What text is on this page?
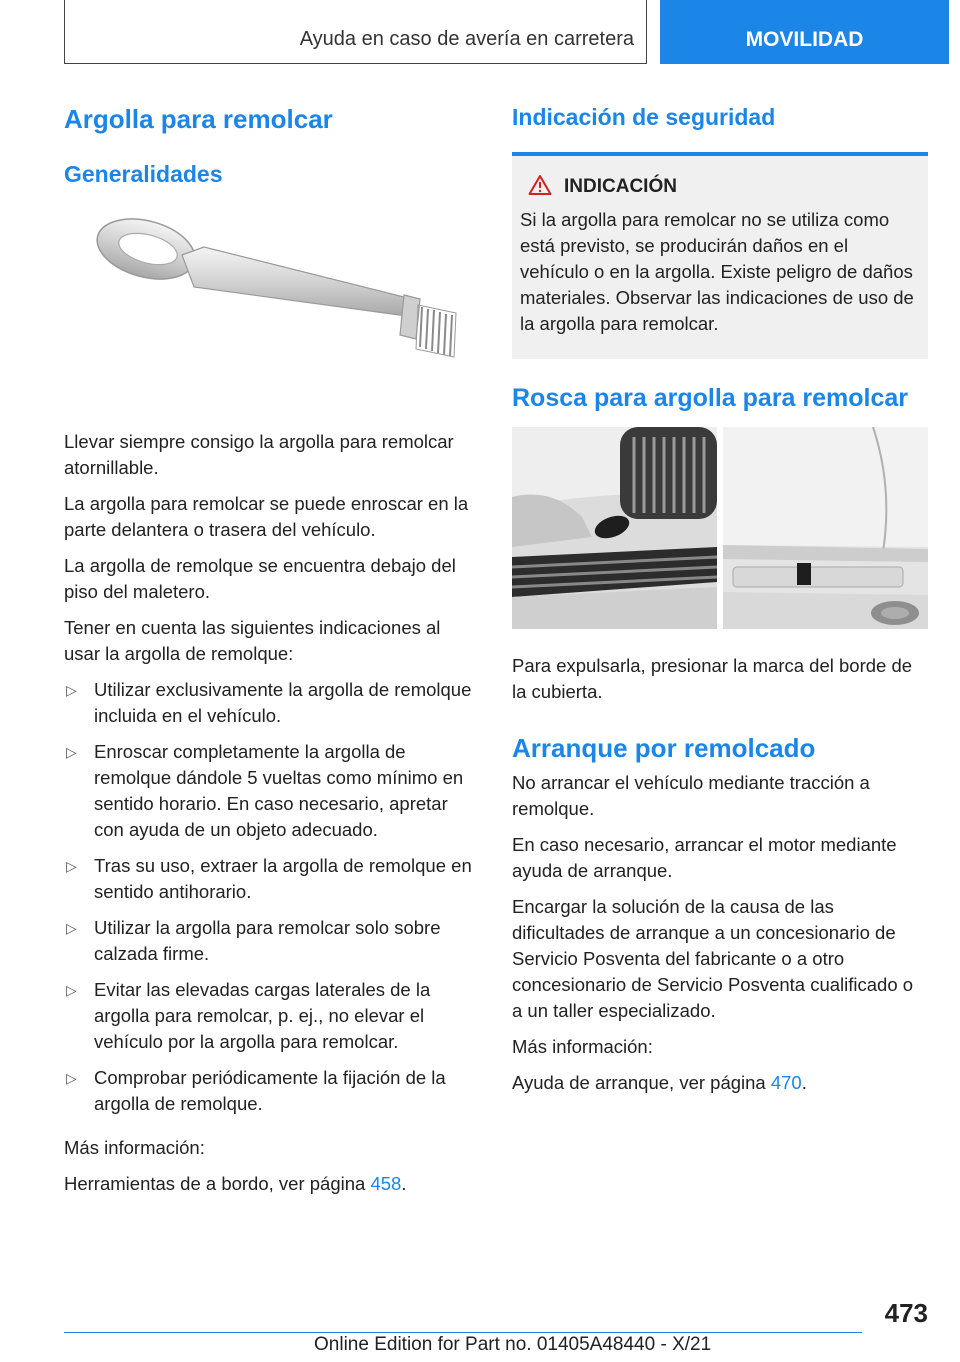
Ayuda en caso de avería en carretera	MOVILIDAD
Argolla para remolcar
Generalidades

Llevar siempre consigo la argolla para remolcar atornillable.

La argolla para remolcar se puede enroscar en la parte delantera o trasera del vehículo.

La argolla de remolque se encuentra debajo del piso del maletero.

Tener en cuenta las siguientes indicaciones al usar la argolla de remolque:

▷ Utilizar exclusivamente la argolla de remolque incluida en el vehículo.
▷ Enroscar completamente la argolla de remolque dándole 5 vueltas como mínimo en sentido horario. En caso necesario, apretar con ayuda de un objeto adecuado.
▷ Tras su uso, extraer la argolla de remolque en sentido antihorario.
▷ Utilizar la argolla para remolcar solo sobre calzada firme.
▷ Evitar las elevadas cargas laterales de la argolla para remolcar, p. ej., no elevar el vehículo por la argolla para remolcar.
▷ Comprobar periódicamente la fijación de la argolla de remolque.

Más información:

Herramientas de a bordo, ver página 458.

Indicación de seguridad
INDICACIÓN

Si la argolla para remolcar no se utiliza como está previsto, se producirán daños en el vehículo o en la argolla. Existe peligro de daños materiales. Observar las indicaciones de uso de la argolla para remolcar.

Rosca para argolla para remolcar

Para expulsarla, presionar la marca del borde de la cubierta.

Arranque por remolcado

No arrancar el vehículo mediante tracción a remolque.

En caso necesario, arrancar el motor mediante ayuda de arranque.

Encargar la solución de la causa de las dificultades de arranque a un concesionario de Servicio Posventa del fabricante o a otro concesionario de Servicio Posventa cualificado o a un taller especializado.

Más información:

Ayuda de arranque, ver página 470.

473
Online Edition for Part no. 01405A48440 - X/21
